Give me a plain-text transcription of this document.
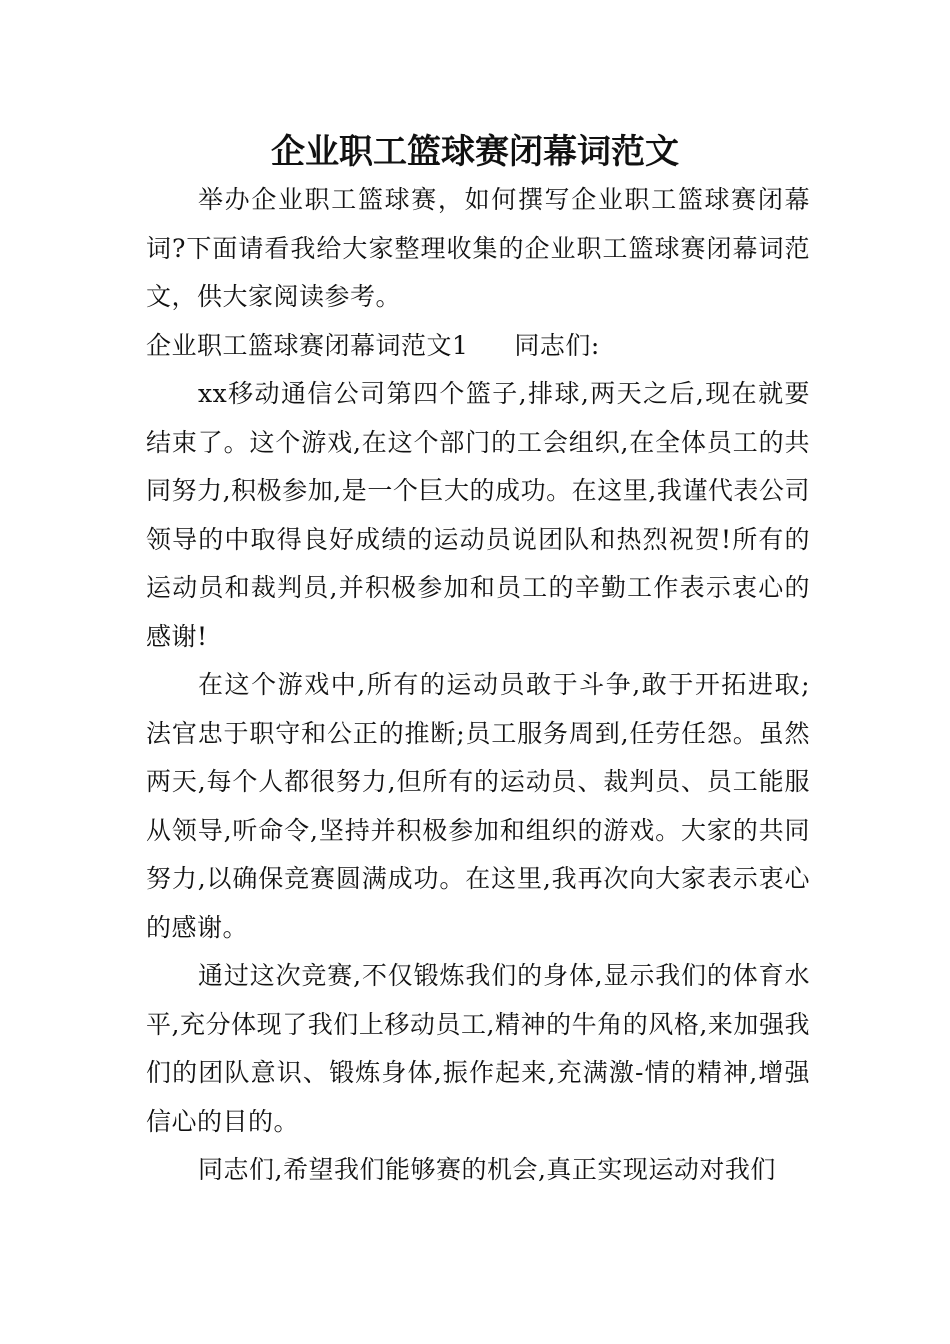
企业职工篮球赛闭幕词范文

举办企业职工篮球赛，如何撰写企业职工篮球赛闭幕词?下面请看我给大家整理收集的企业职工篮球赛闭幕词范文，供大家阅读参考。

企业职工篮球赛闭幕词范文1 同志们:

xx移动通信公司第四个篮子,排球,两天之后,现在就要结束了。这个游戏,在这个部门的工会组织,在全体员工的共同努力,积极参加,是一个巨大的成功。在这里,我谨代表公司领导的中取得良好成绩的运动员说团队和热烈祝贺!所有的运动员和裁判员,并积极参加和员工的辛勤工作表示衷心的感谢!

在这个游戏中,所有的运动员敢于斗争,敢于开拓进取;法官忠于职守和公正的推断;员工服务周到,任劳任怨。虽然两天,每个人都很努力,但所有的运动员、裁判员、员工能服从领导,听命令,坚持并积极参加和组织的游戏。大家的共同努力,以确保竞赛圆满成功。在这里,我再次向大家表示衷心的感谢。

通过这次竞赛,不仅锻炼我们的身体,显示我们的体育水平,充分体现了我们上移动员工,精神的牛角的风格,来加强我们的团队意识、锻炼身体,振作起来,充满激-情的精神,增强信心的目的。

同志们,希望我们能够赛的机会,真正实现运动对我们
